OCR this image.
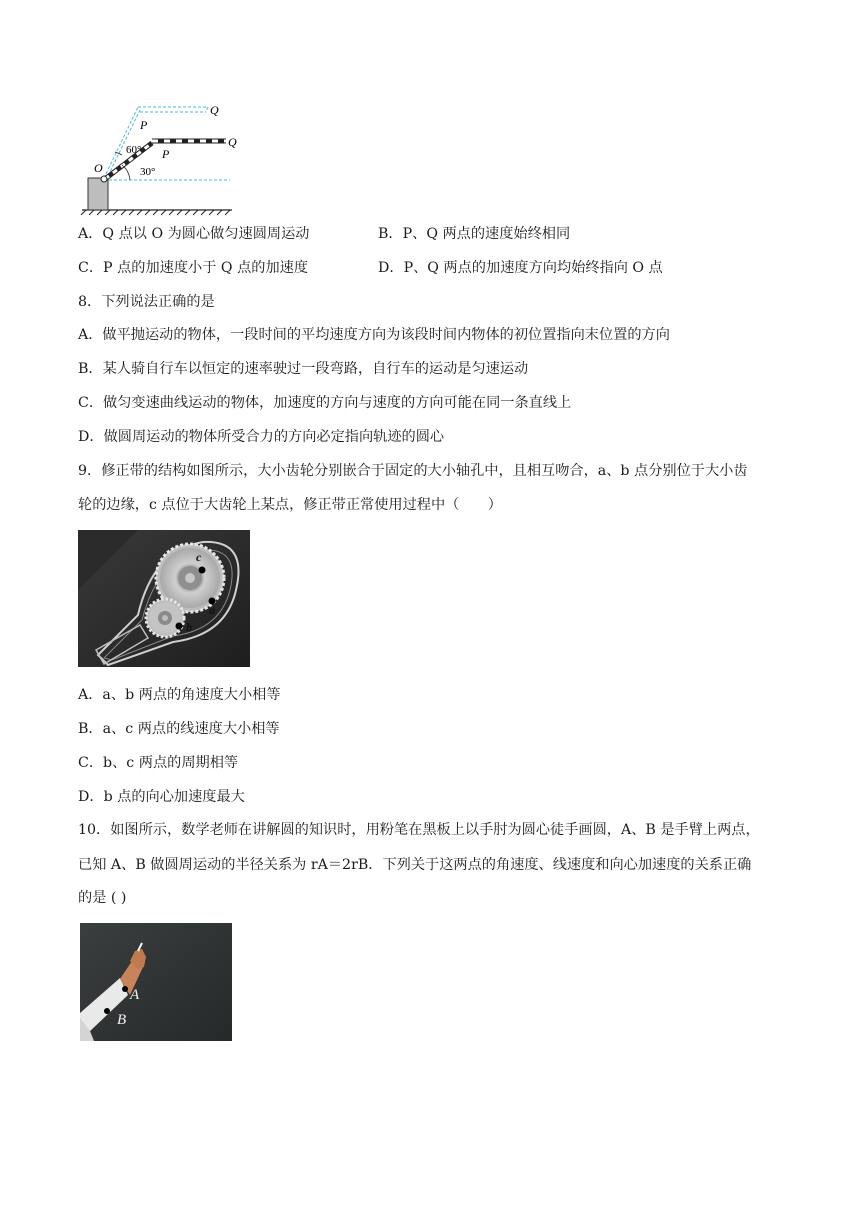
Q
Q
P
P
O
60°
30°
A．Q 点以 O 为圆心做匀速圆周运动	B．P、Q 两点的速度始终相同
C．P 点的加速度小于 Q 点的加速度	D．P、Q 两点的加速度方向均始终指向 O 点
8．下列说法正确的是
A．做平抛运动的物体，一段时间的平均速度方向为该段时间内物体的初位置指向末位置的方向
B．某人骑自行车以恒定的速率驶过一段弯路，自行车的运动是匀速运动
C．做匀变速曲线运动的物体，加速度的方向与速度的方向可能在同一条直线上
D．做圆周运动的物体所受合力的方向必定指向轨迹的圆心
9．修正带的结构如图所示，大小齿轮分别嵌合于固定的大小轴孔中，且相互吻合，a、b 点分别位于大小齿
轮的边缘，c 点位于大齿轮上某点，修正带正常使用过程中（　　）
c
a
b
A．a、b 两点的角速度大小相等
B．a、c 两点的线速度大小相等
C．b、c 两点的周期相等
D．b 点的向心加速度最大
10．如图所示，数学老师在讲解圆的知识时，用粉笔在黑板上以手肘为圆心徒手画圆，A、B 是手臂上两点，
已知 A、B 做圆周运动的半径关系为 rA＝2rB．下列关于这两点的角速度、线速度和向心加速度的关系正确
的是 ( )
A
B
